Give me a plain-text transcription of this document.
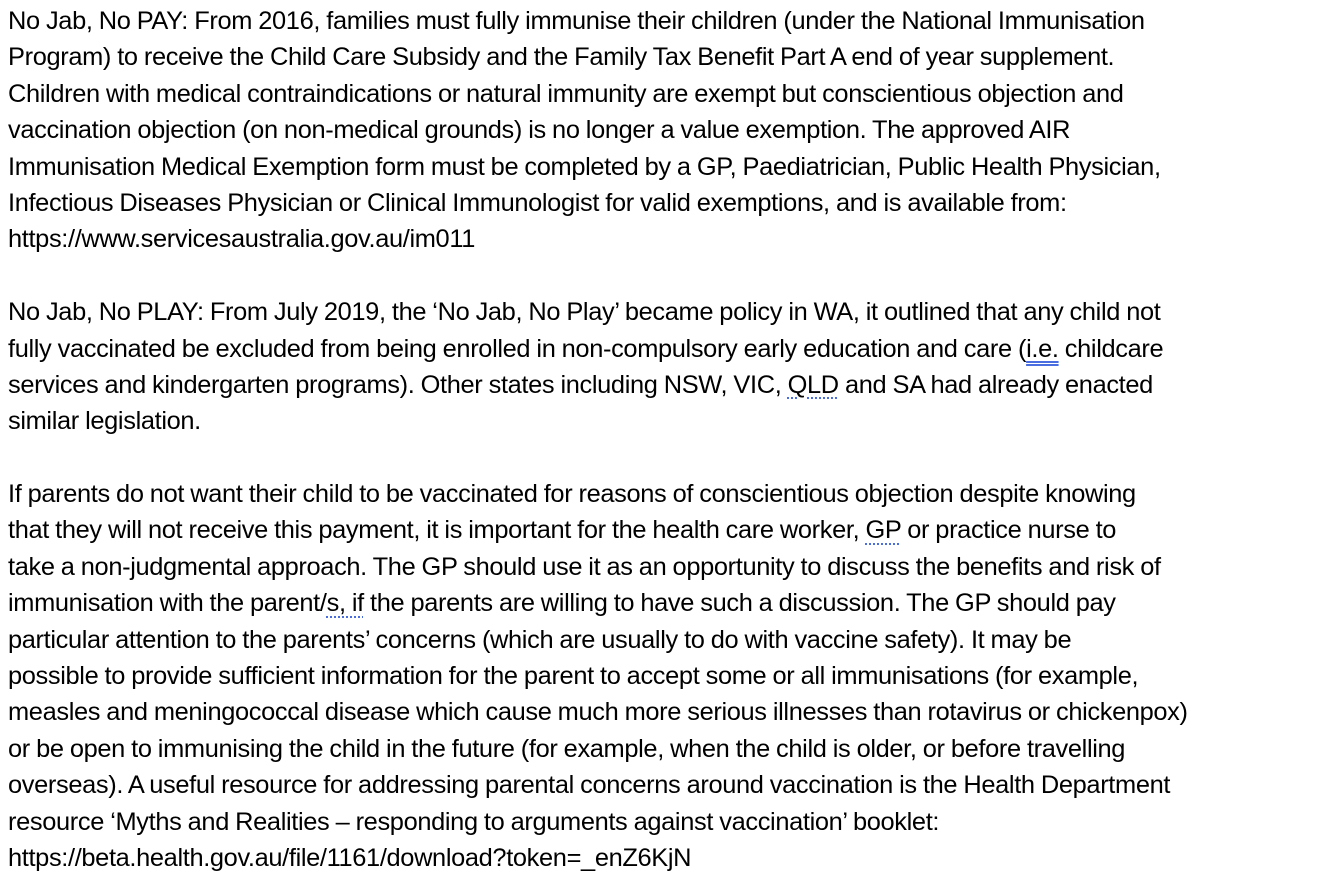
No Jab, No PAY: From 2016, families must fully immunise their children (under the National Immunisation
Program) to receive the Child Care Subsidy and the Family Tax Benefit Part A end of year supplement.
Children with medical contraindications or natural immunity are exempt but conscientious objection and
vaccination objection (on non-medical grounds) is no longer a value exemption. The approved AIR
Immunisation Medical Exemption form must be completed by a GP, Paediatrician, Public Health Physician,
Infectious Diseases Physician or Clinical Immunologist for valid exemptions, and is available from:
https://www.servicesaustralia.gov.au/im011
No Jab, No PLAY: From July 2019, the ‘No Jab, No Play’ became policy in WA, it outlined that any child not
fully vaccinated be excluded from being enrolled in non-compulsory early education and care (i.e. childcare
services and kindergarten programs). Other states including NSW, VIC, QLD and SA had already enacted
similar legislation.
If parents do not want their child to be vaccinated for reasons of conscientious objection despite knowing
that they will not receive this payment, it is important for the health care worker, GP or practice nurse to
take a non-judgmental approach. The GP should use it as an opportunity to discuss the benefits and risk of
immunisation with the parent/s, if the parents are willing to have such a discussion. The GP should pay
particular attention to the parents’ concerns (which are usually to do with vaccine safety). It may be
possible to provide sufficient information for the parent to accept some or all immunisations (for example,
measles and meningococcal disease which cause much more serious illnesses than rotavirus or chickenpox)
or be open to immunising the child in the future (for example, when the child is older, or before travelling
overseas). A useful resource for addressing parental concerns around vaccination is the Health Department
resource ‘Myths and Realities – responding to arguments against vaccination’ booklet:
https://beta.health.gov.au/file/1161/download?token=_enZ6KjN
